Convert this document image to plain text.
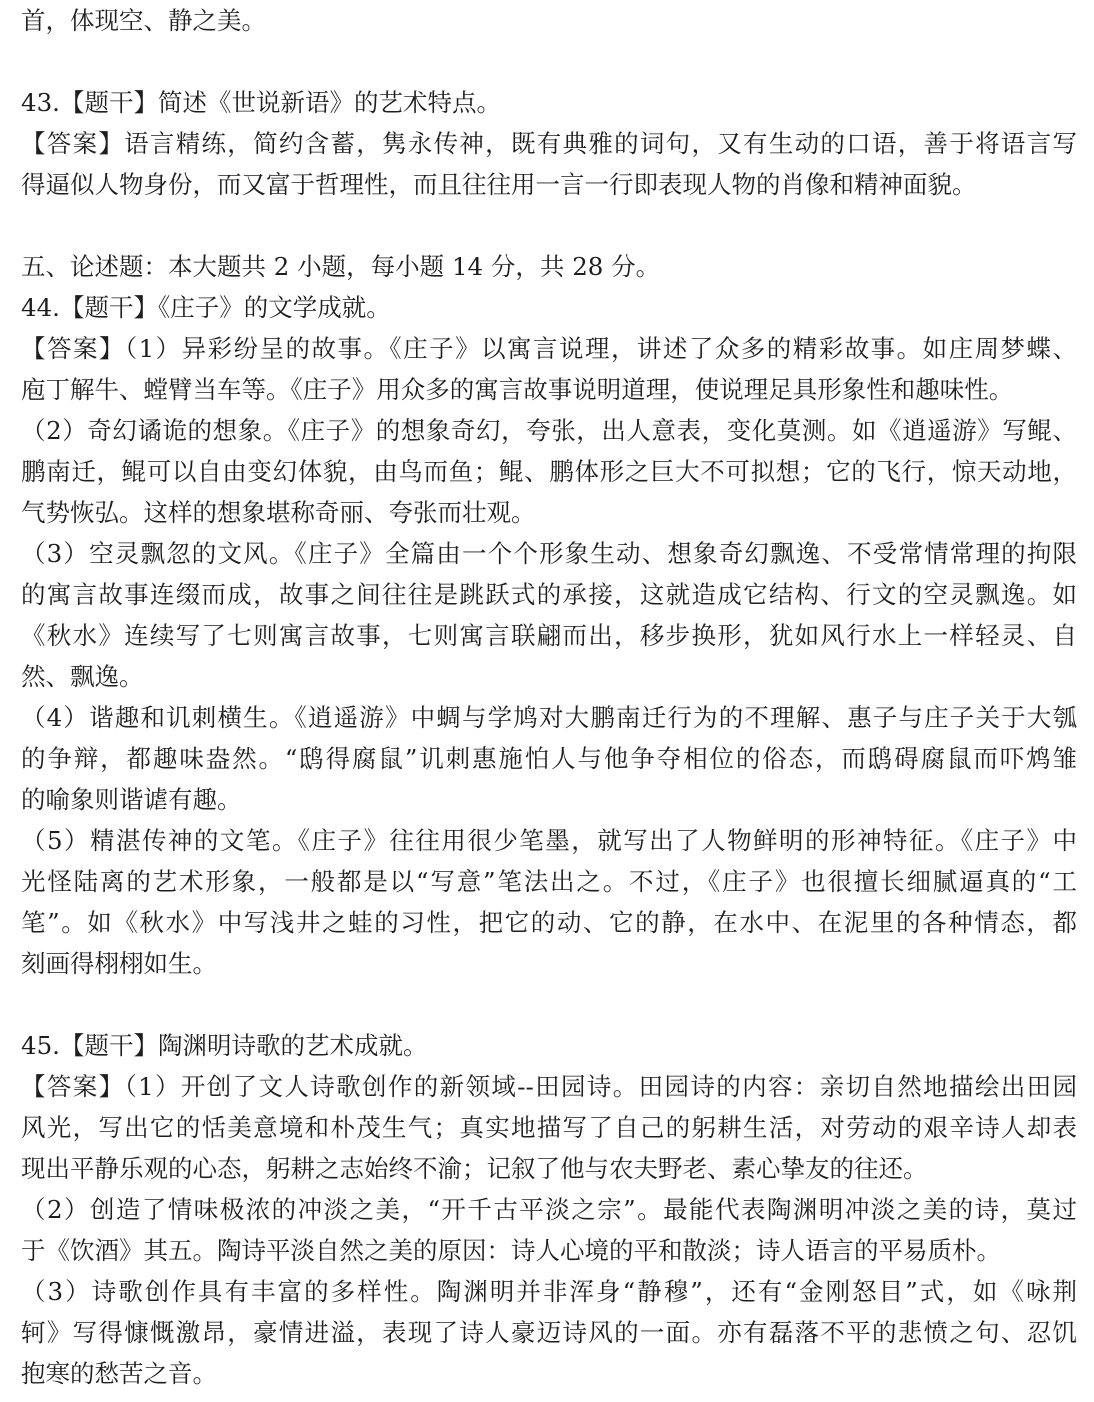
首，体现空、静之美。
43.【题干】简述《世说新语》的艺术特点。
【答案】语言精练，简约含蓄，隽永传神，既有典雅的词句，又有生动的口语，善于将语言写
得逼似人物身份，而又富于哲理性，而且往往用一言一行即表现人物的肖像和精神面貌。
五、论述题：本大题共 2 小题，每小题 14 分，共 28 分。
44.【题干】《庄子》的文学成就。
【答案】（1）异彩纷呈的故事。《庄子》以寓言说理，讲述了众多的精彩故事。如庄周梦蝶、
庖丁解牛、螳臂当车等。《庄子》用众多的寓言故事说明道理，使说理足具形象性和趣味性。
（2）奇幻谲诡的想象。《庄子》的想象奇幻，夸张，出人意表，变化莫测。如《逍遥游》写鲲、
鹏南迁，鲲可以自由变幻体貌，由鸟而鱼；鲲、鹏体形之巨大不可拟想；它的飞行，惊天动地，
气势恢弘。这样的想象堪称奇丽、夸张而壮观。
（3）空灵飘忽的文风。《庄子》全篇由一个个形象生动、想象奇幻飘逸、不受常情常理的拘限
的寓言故事连缀而成，故事之间往往是跳跃式的承接，这就造成它结构、行文的空灵飘逸。如
《秋水》连续写了七则寓言故事，七则寓言联翩而出，移步换形，犹如风行水上一样轻灵、自
然、飘逸。
（4）谐趣和讥刺横生。《逍遥游》中蜩与学鸠对大鹏南迁行为的不理解、惠子与庄子关于大瓠
的争辩，都趣味盎然。“鸱得腐鼠”讥刺惠施怕人与他争夺相位的俗态，而鸱碍腐鼠而吓鸩雏
的喻象则谐谑有趣。
（5）精湛传神的文笔。《庄子》往往用很少笔墨，就写出了人物鲜明的形神特征。《庄子》中
光怪陆离的艺术形象，一般都是以“写意”笔法出之。不过，《庄子》也很擅长细腻逼真的“工
笔”。如《秋水》中写浅井之蛙的习性，把它的动、它的静，在水中、在泥里的各种情态，都
刻画得栩栩如生。
45.【题干】陶渊明诗歌的艺术成就。
【答案】（1）开创了文人诗歌创作的新领域--田园诗。田园诗的内容：亲切自然地描绘出田园
风光，写出它的恬美意境和朴茂生气；真实地描写了自己的躬耕生活，对劳动的艰辛诗人却表
现出平静乐观的心态，躬耕之志始终不渝；记叙了他与农夫野老、素心挚友的往还。
（2）创造了情味极浓的冲淡之美，“开千古平淡之宗”。最能代表陶渊明冲淡之美的诗，莫过
于《饮酒》其五。陶诗平淡自然之美的原因：诗人心境的平和散淡；诗人语言的平易质朴。
（3）诗歌创作具有丰富的多样性。陶渊明并非浑身“静穆”，还有“金刚怒目”式，如《咏荆
轲》写得慷慨激昂，豪情进溢，表现了诗人豪迈诗风的一面。亦有磊落不平的悲愤之句、忍饥
抱寒的愁苦之音。
